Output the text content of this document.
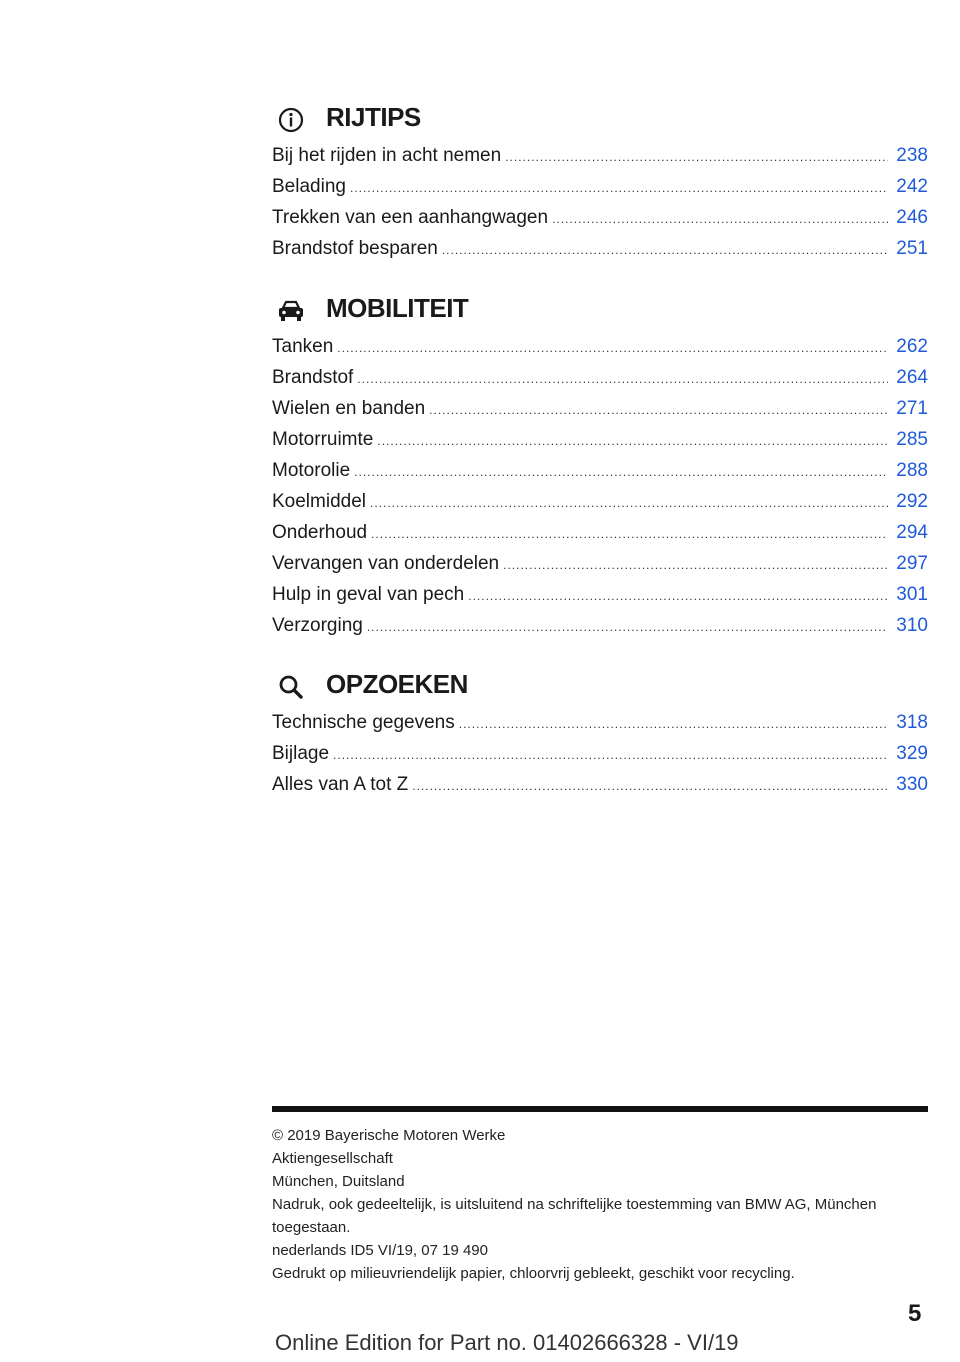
RIJTIPS
Bij het rijden in acht nemen .....	238
Belading .....	242
Trekken van een aanhangwagen .....	246
Brandstof besparen .....	251
MOBILITEIT
Tanken .....	262
Brandstof .....	264
Wielen en banden .....	271
Motorruimte .....	285
Motorolie .....	288
Koelmiddel .....	292
Onderhoud .....	294
Vervangen van onderdelen .....	297
Hulp in geval van pech .....	301
Verzorging .....	310
OPZOEKEN
Technische gegevens .....	318
Bijlage .....	329
Alles van A tot Z .....	330
© 2019 Bayerische Motoren Werke
Aktiengesellschaft
München, Duitsland
Nadruk, ook gedeeltelijk, is uitsluitend na schriftelijke toestemming van BMW AG, München
toegestaan.
nederlands ID5 VI/19, 07 19 490
Gedrukt op milieuvriendelijk papier, chloorvrij gebleekt, geschikt voor recycling.
5
Online Edition for Part no. 01402666328 - VI/19
